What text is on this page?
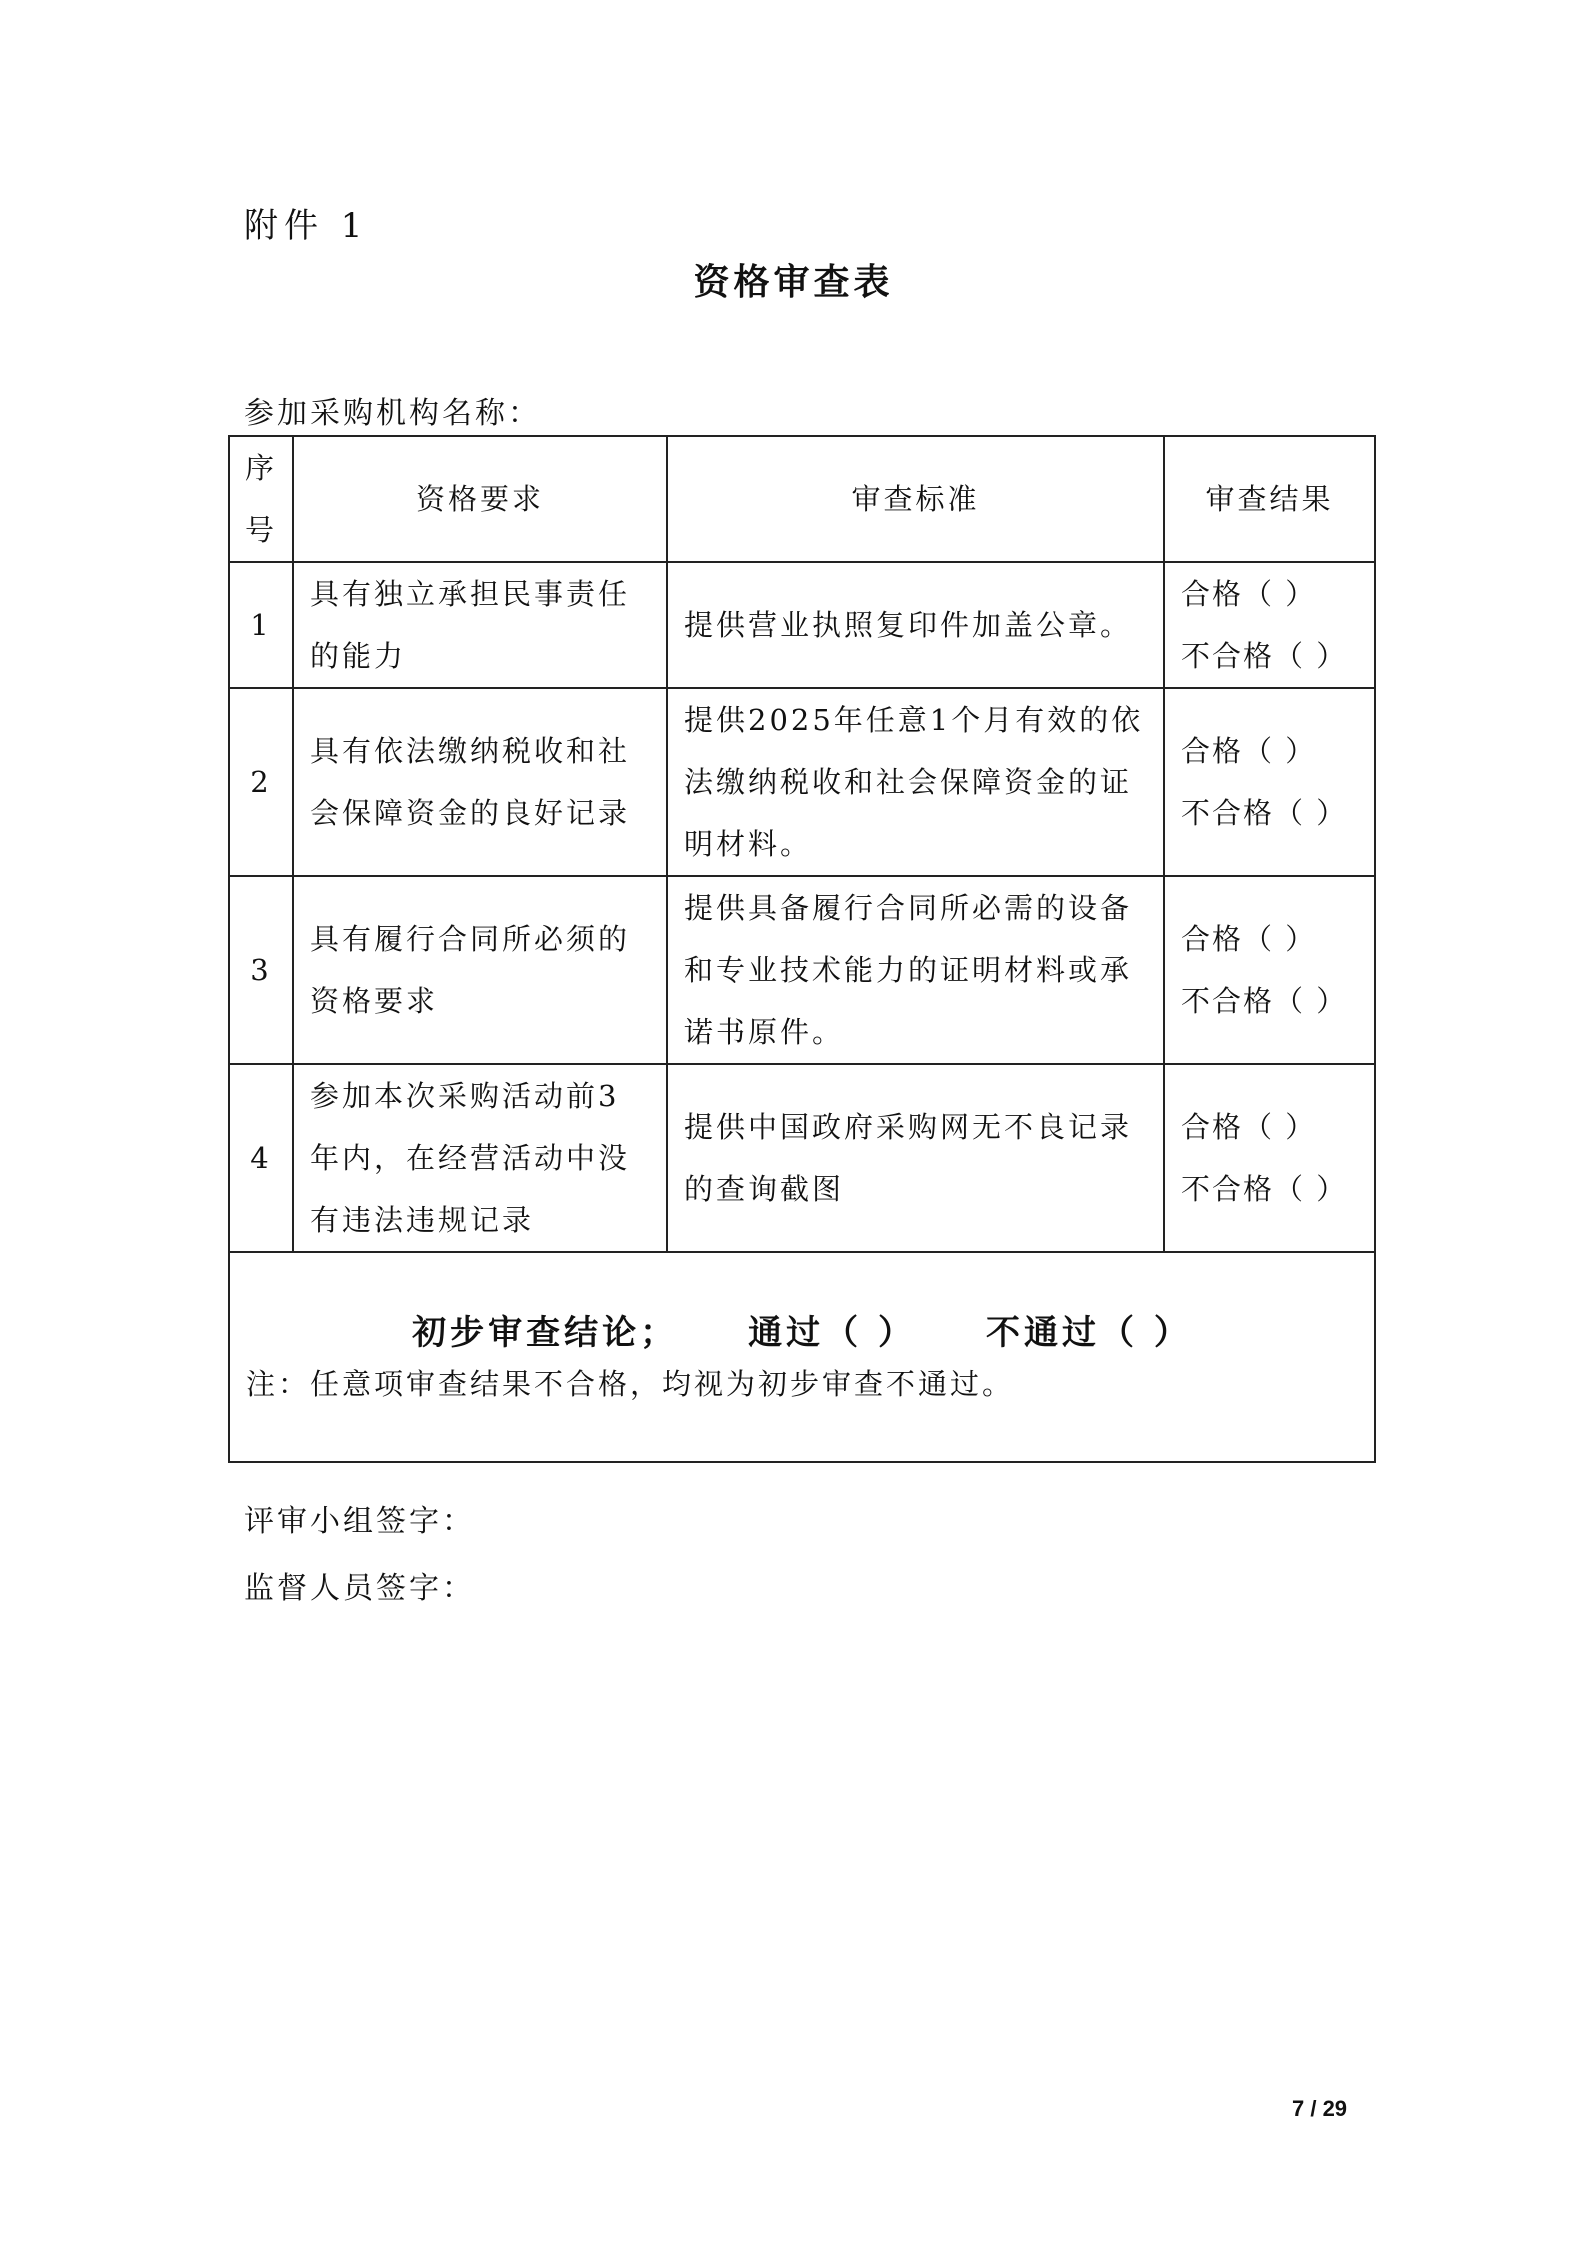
附件 1
资格审查表
参加采购机构名称：
序号	资格要求	审查标准	审查结果
1	具有独立承担民事责任的能力	提供营业执照复印件加盖公章。	合格（ ）
不合格（ ）

2	具有依法缴纳税收和社会保障资金的良好记录	提供2025年任意1个月有效的依法缴纳税收和社会保障资金的证明材料。	合格（ ）
不合格（ ）

3	具有履行合同所必须的资格要求	提供具备履行合同所必需的设备和专业技术能力的证明材料或承诺书原件。	合格（ ）
不合格（ ）

4	参加本次采购活动前3年内，在经营活动中没有违法违规记录	提供中国政府采购网无不良记录的查询截图	合格（ ）
不合格（ ）

初步审查结论； 通过（ ） 不通过（ ）
注：任意项审查结果不合格，均视为初步审查不通过。			
评审小组签字：
监督人员签字：
7 / 29
